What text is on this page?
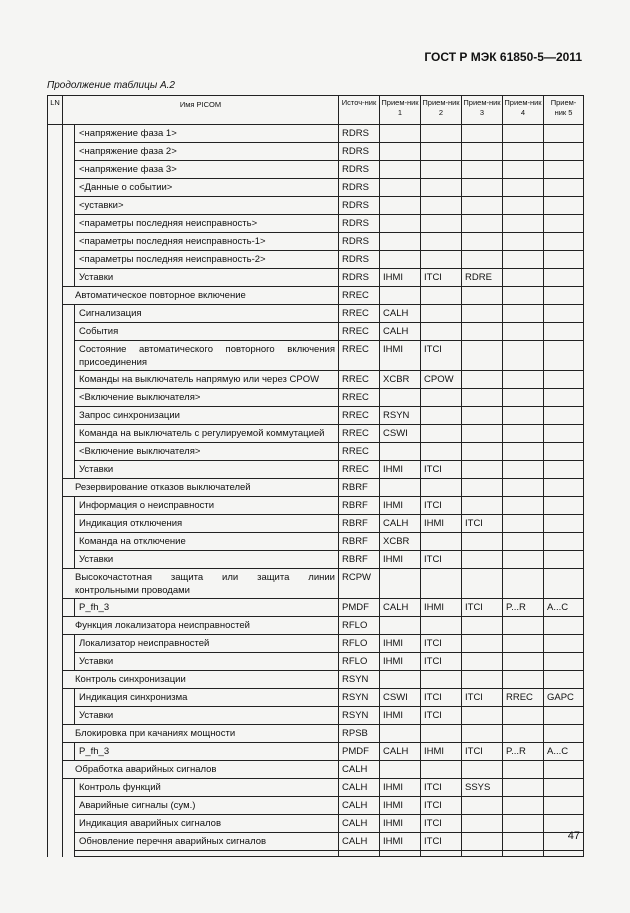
ГОСТ Р МЭК 61850-5—2011
Продолжение таблицы А.2
LN	Имя PICOM		Источ-ник	Прием-ник 1	Прием-ник 2	Прием-ник 3	Прием-ник 4	Прием-ник 5
		<напряжение фаза 1>	RDRS					
		<напряжение фаза 2>	RDRS					
		<напряжение фаза 3>	RDRS					
		<Данные о событии>	RDRS					
		<уставки>	RDRS					
		<параметры последняя неисправность>	RDRS					
		<параметры последняя неисправность-1>	RDRS					
		<параметры последняя неисправность-2>	RDRS					
		Уставки	RDRS	IHMI	ITCI	RDRE		
	Автоматическое повторное включение		RREC					
		Сигнализация	RREC	CALH				
		События	RREC	CALH				
		Состояние автоматического повторного включения присоединения	RREC	IHMI	ITCI			
		Команды на выключатель напрямую или через CPOW	RREC	XCBR	CPOW			
		<Включение выключателя>	RREC					
		Запрос синхронизации	RREC	RSYN				
		Команда на выключатель с регулируемой коммутацией	RREC	CSWI				
		<Включение выключателя>	RREC					
		Уставки	RREC	IHMI	ITCI			
	Резервирование отказов выключателей		RBRF					
		Информация о неисправности	RBRF	IHMI	ITCI			
		Индикация отключения	RBRF	CALH	IHMI	ITCI		
		Команда на отключение	RBRF	XCBR				
		Уставки	RBRF	IHMI	ITCI			
	Высокочастотная защита или защита линии контрольными проводами		RCPW					
		P_fh_3	PMDF	CALH	IHMI	ITCI	P...R	A...C
	Функция локализатора неисправностей		RFLO					
		Локализатор неисправностей	RFLO	IHMI	ITCI			
		Уставки	RFLO	IHMI	ITCI			
	Контроль синхронизации		RSYN					
		Индикация синхронизма	RSYN	CSWI	ITCI	ITCI	RREC	GAPC
		Уставки	RSYN	IHMI	ITCI			
	Блокировка при качаниях мощности		RPSB					
		P_fh_3	PMDF	CALH	IHMI	ITCI	P...R	A...C
	Обработка аварийных сигналов		CALH					
		Контроль функций	CALH	IHMI	ITCI	SSYS		
		Аварийные сигналы (сум.)	CALH	IHMI	ITCI			
		Индикация аварийных сигналов	CALH	IHMI	ITCI			
		Обновление перечня аварийных сигналов	CALH	IHMI	ITCI			
									47
